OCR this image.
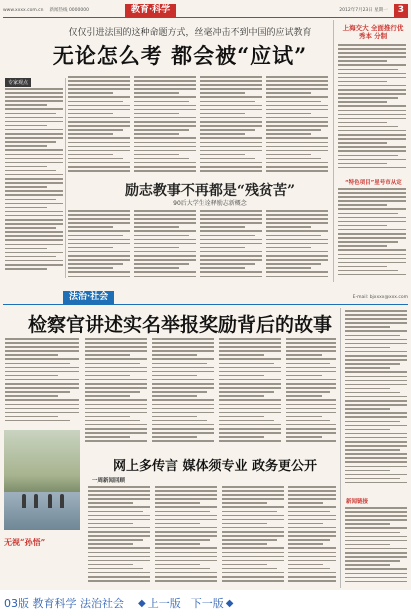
www.xxxx.com.cn 新闻热线 0000000	教育·科学	2012年7月23日 星期一	3
仅仅引进法国的这种命题方式，丝毫冲击不到中国的应试教育
无论怎么考 都会被“应试”
专家观点
励志教事不再都是“残贫苦”
90后大学生诠释励志新概念
上海交大 全面推行优 秀本 分制
“特色项目”星号市从定
法治·社会	E-mail: bjxxxx@xxx.com
检察官讲述实名举报奖励背后的故事
新闻链接
无视“孙悟”
网上多传言 媒体须专业 政务更公开
一周新闻回顾
03版 教育科学 法治社会 ◆ 上一版 下一版 ◆
